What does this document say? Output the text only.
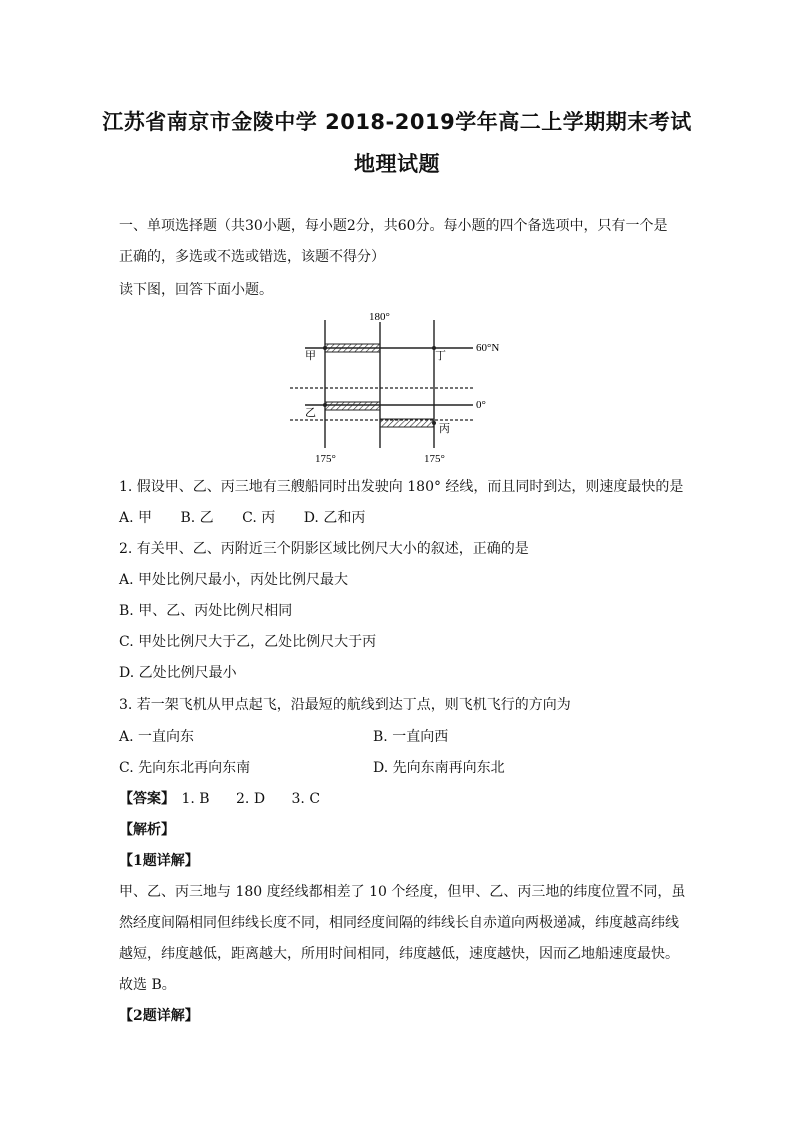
江苏省南京市金陵中学 2018-2019学年高二上学期期末考试
地理试题
一、单项选择题（共30小题，每小题2分，共60分。每小题的四个备选项中，只有一个是
正确的，多选或不选或错选，该题不得分）
读下图，回答下面小题。
180°
60°N
0°
175°	175°
甲	丁
乙
丙
1. 假设甲、乙、丙三地有三艘船同时出发驶向 180° 经线，而且同时到达，则速度最快的是
A. 甲 B. 乙 C. 丙 D. 乙和丙
2. 有关甲、乙、丙附近三个阴影区域比例尺大小的叙述，正确的是
A. 甲处比例尺最小，丙处比例尺最大
B. 甲、乙、丙处比例尺相同
C. 甲处比例尺大于乙，乙处比例尺大于丙
D. 乙处比例尺最小
3. 若一架飞机从甲点起飞，沿最短的航线到达丁点，则飞机飞行的方向为
A. 一直向东	B. 一直向西
C. 先向东北再向东南	D. 先向东南再向东北
【答案】 1. B 2. D 3. C
【解析】
【1题详解】
甲、乙、丙三地与 180 度经线都相差了 10 个经度，但甲、乙、丙三地的纬度位置不同，虽
然经度间隔相同但纬线长度不同，相同经度间隔的纬线长自赤道向两极递减，纬度越高纬线
越短，纬度越低，距离越大，所用时间相同，纬度越低，速度越快，因而乙地船速度最快。
故选 B。
【2题详解】
